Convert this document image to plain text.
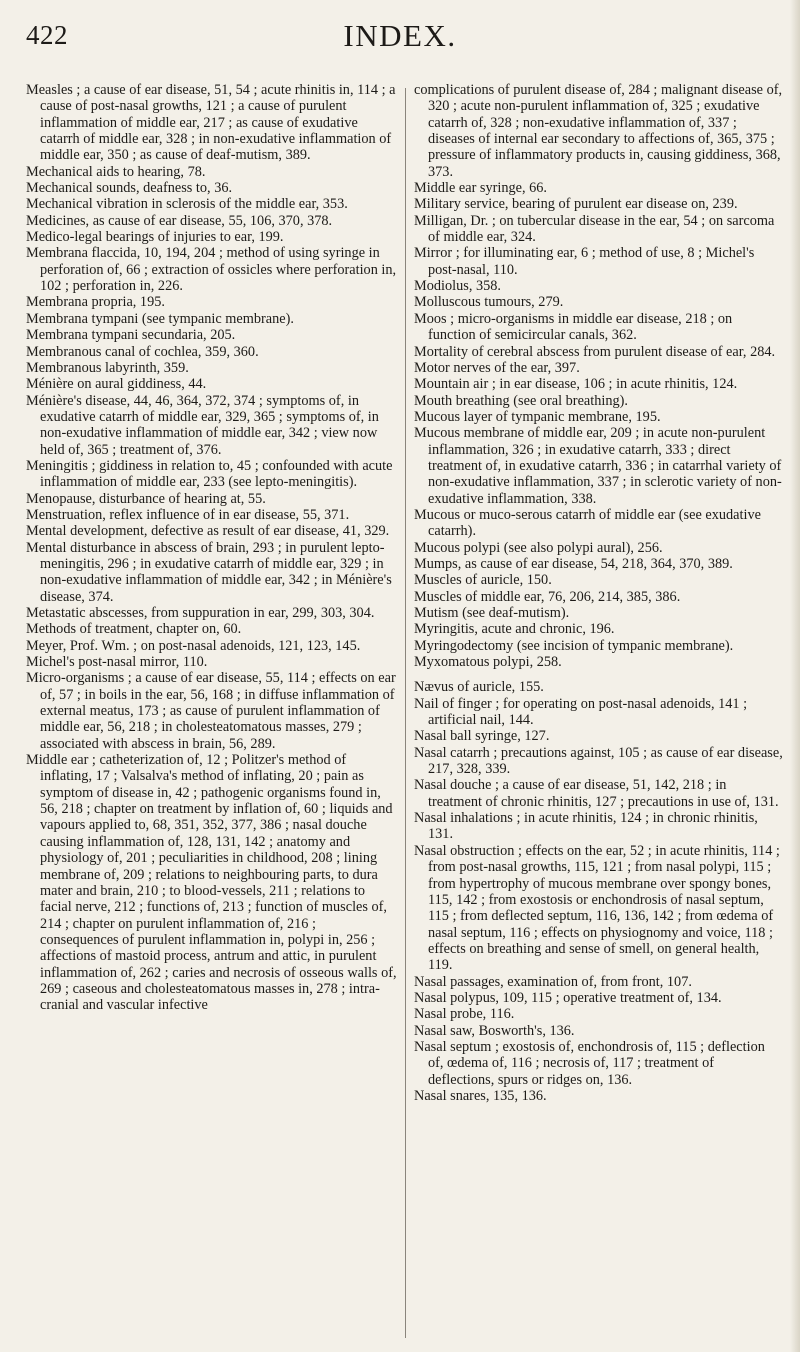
422	INDEX.

Measles ; a cause of ear disease, 51, 54 ; acute rhinitis in, 114 ; a cause of post-nasal growths, 121 ; a cause of purulent inflammation of middle ear, 217 ; as cause of exudative catarrh of middle ear, 328 ; in non-exudative inflammation of middle ear, 350 ; as cause of deaf-mutism, 389.

Mechanical aids to hearing, 78.

Mechanical sounds, deafness to, 36.

Mechanical vibration in sclerosis of the middle ear, 353.

Medicines, as cause of ear disease, 55, 106, 370, 378.

Medico-legal bearings of injuries to ear, 199.

Membrana flaccida, 10, 194, 204 ; method of using syringe in perforation of, 66 ; extraction of ossicles where perforation in, 102 ; perforation in, 226.

Membrana propria, 195.

Membrana tympani (see tympanic membrane).

Membrana tympani secundaria, 205.

Membranous canal of cochlea, 359, 360.

Membranous labyrinth, 359.

Ménière on aural giddiness, 44.

Ménière's disease, 44, 46, 364, 372, 374 ; symptoms of, in exudative catarrh of middle ear, 329, 365 ; symptoms of, in non-exudative inflammation of middle ear, 342 ; view now held of, 365 ; treatment of, 376.

Meningitis ; giddiness in relation to, 45 ; confounded with acute inflammation of middle ear, 233 (see lepto-meningitis).

Menopause, disturbance of hearing at, 55.

Menstruation, reflex influence of in ear disease, 55, 371.

Mental development, defective as result of ear disease, 41, 329.

Mental disturbance in abscess of brain, 293 ; in purulent lepto-meningitis, 296 ; in exudative catarrh of middle ear, 329 ; in non-exudative inflammation of middle ear, 342 ; in Ménière's disease, 374.

Metastatic abscesses, from suppuration in ear, 299, 303, 304.

Methods of treatment, chapter on, 60.

Meyer, Prof. Wm. ; on post-nasal adenoids, 121, 123, 145.

Michel's post-nasal mirror, 110.

Micro-organisms ; a cause of ear disease, 55, 114 ; effects on ear of, 57 ; in boils in the ear, 56, 168 ; in diffuse inflammation of external meatus, 173 ; as cause of purulent inflammation of middle ear, 56, 218 ; in cholesteatomatous masses, 279 ; associated with abscess in brain, 56, 289.

Middle ear ; catheterization of, 12 ; Politzer's method of inflating, 17 ; Valsalva's method of inflating, 20 ; pain as symptom of disease in, 42 ; pathogenic organisms found in, 56, 218 ; chapter on treatment by inflation of, 60 ; liquids and vapours applied to, 68, 351, 352, 377, 386 ; nasal douche causing inflammation of, 128, 131, 142 ; anatomy and physiology of, 201 ; peculiarities in childhood, 208 ; lining membrane of, 209 ; relations to neighbouring parts, to dura mater and brain, 210 ; to blood-vessels, 211 ; relations to facial nerve, 212 ; functions of, 213 ; function of muscles of, 214 ; chapter on purulent inflammation of, 216 ; consequences of purulent inflammation in, polypi in, 256 ; affections of mastoid process, antrum and attic, in purulent inflammation of, 262 ; caries and necrosis of osseous walls of, 269 ; caseous and cholesteatomatous masses in, 278 ; intra-cranial and vascular infective

complications of purulent disease of, 284 ; malignant disease of, 320 ; acute non-purulent inflammation of, 325 ; exudative catarrh of, 328 ; non-exudative inflammation of, 337 ; diseases of internal ear secondary to affections of, 365, 375 ; pressure of inflammatory products in, causing giddiness, 368, 373.

Middle ear syringe, 66.

Military service, bearing of purulent ear disease on, 239.

Milligan, Dr. ; on tubercular disease in the ear, 54 ; on sarcoma of middle ear, 324.

Mirror ; for illuminating ear, 6 ; method of use, 8 ; Michel's post-nasal, 110.

Modiolus, 358.

Molluscous tumours, 279.

Moos ; micro-organisms in middle ear disease, 218 ; on function of semicircular canals, 362.

Mortality of cerebral abscess from purulent disease of ear, 284.

Motor nerves of the ear, 397.

Mountain air ; in ear disease, 106 ; in acute rhinitis, 124.

Mouth breathing (see oral breathing).

Mucous layer of tympanic membrane, 195.

Mucous membrane of middle ear, 209 ; in acute non-purulent inflammation, 326 ; in exudative catarrh, 333 ; direct treatment of, in exudative catarrh, 336 ; in catarrhal variety of non-exudative inflammation, 337 ; in sclerotic variety of non-exudative inflammation, 338.

Mucous or muco-serous catarrh of middle ear (see exudative catarrh).

Mucous polypi (see also polypi aural), 256.

Mumps, as cause of ear disease, 54, 218, 364, 370, 389.

Muscles of auricle, 150.

Muscles of middle ear, 76, 206, 214, 385, 386.

Mutism (see deaf-mutism).

Myringitis, acute and chronic, 196.

Myringodectomy (see incision of tympanic membrane).

Myxomatous polypi, 258.

Nævus of auricle, 155.

Nail of finger ; for operating on post-nasal adenoids, 141 ; artificial nail, 144.

Nasal ball syringe, 127.

Nasal catarrh ; precautions against, 105 ; as cause of ear disease, 217, 328, 339.

Nasal douche ; a cause of ear disease, 51, 142, 218 ; in treatment of chronic rhinitis, 127 ; precautions in use of, 131.

Nasal inhalations ; in acute rhinitis, 124 ; in chronic rhinitis, 131.

Nasal obstruction ; effects on the ear, 52 ; in acute rhinitis, 114 ; from post-nasal growths, 115, 121 ; from nasal polypi, 115 ; from hypertrophy of mucous membrane over spongy bones, 115, 142 ; from exostosis or enchondrosis of nasal septum, 115 ; from deflected septum, 116, 136, 142 ; from œdema of nasal septum, 116 ; effects on physiognomy and voice, 118 ; effects on breathing and sense of smell, on general health, 119.

Nasal passages, examination of, from front, 107.

Nasal polypus, 109, 115 ; operative treatment of, 134.

Nasal probe, 116.

Nasal saw, Bosworth's, 136.

Nasal septum ; exostosis of, enchondrosis of, 115 ; deflection of, œdema of, 116 ; necrosis of, 117 ; treatment of deflections, spurs or ridges on, 136.

Nasal snares, 135, 136.
